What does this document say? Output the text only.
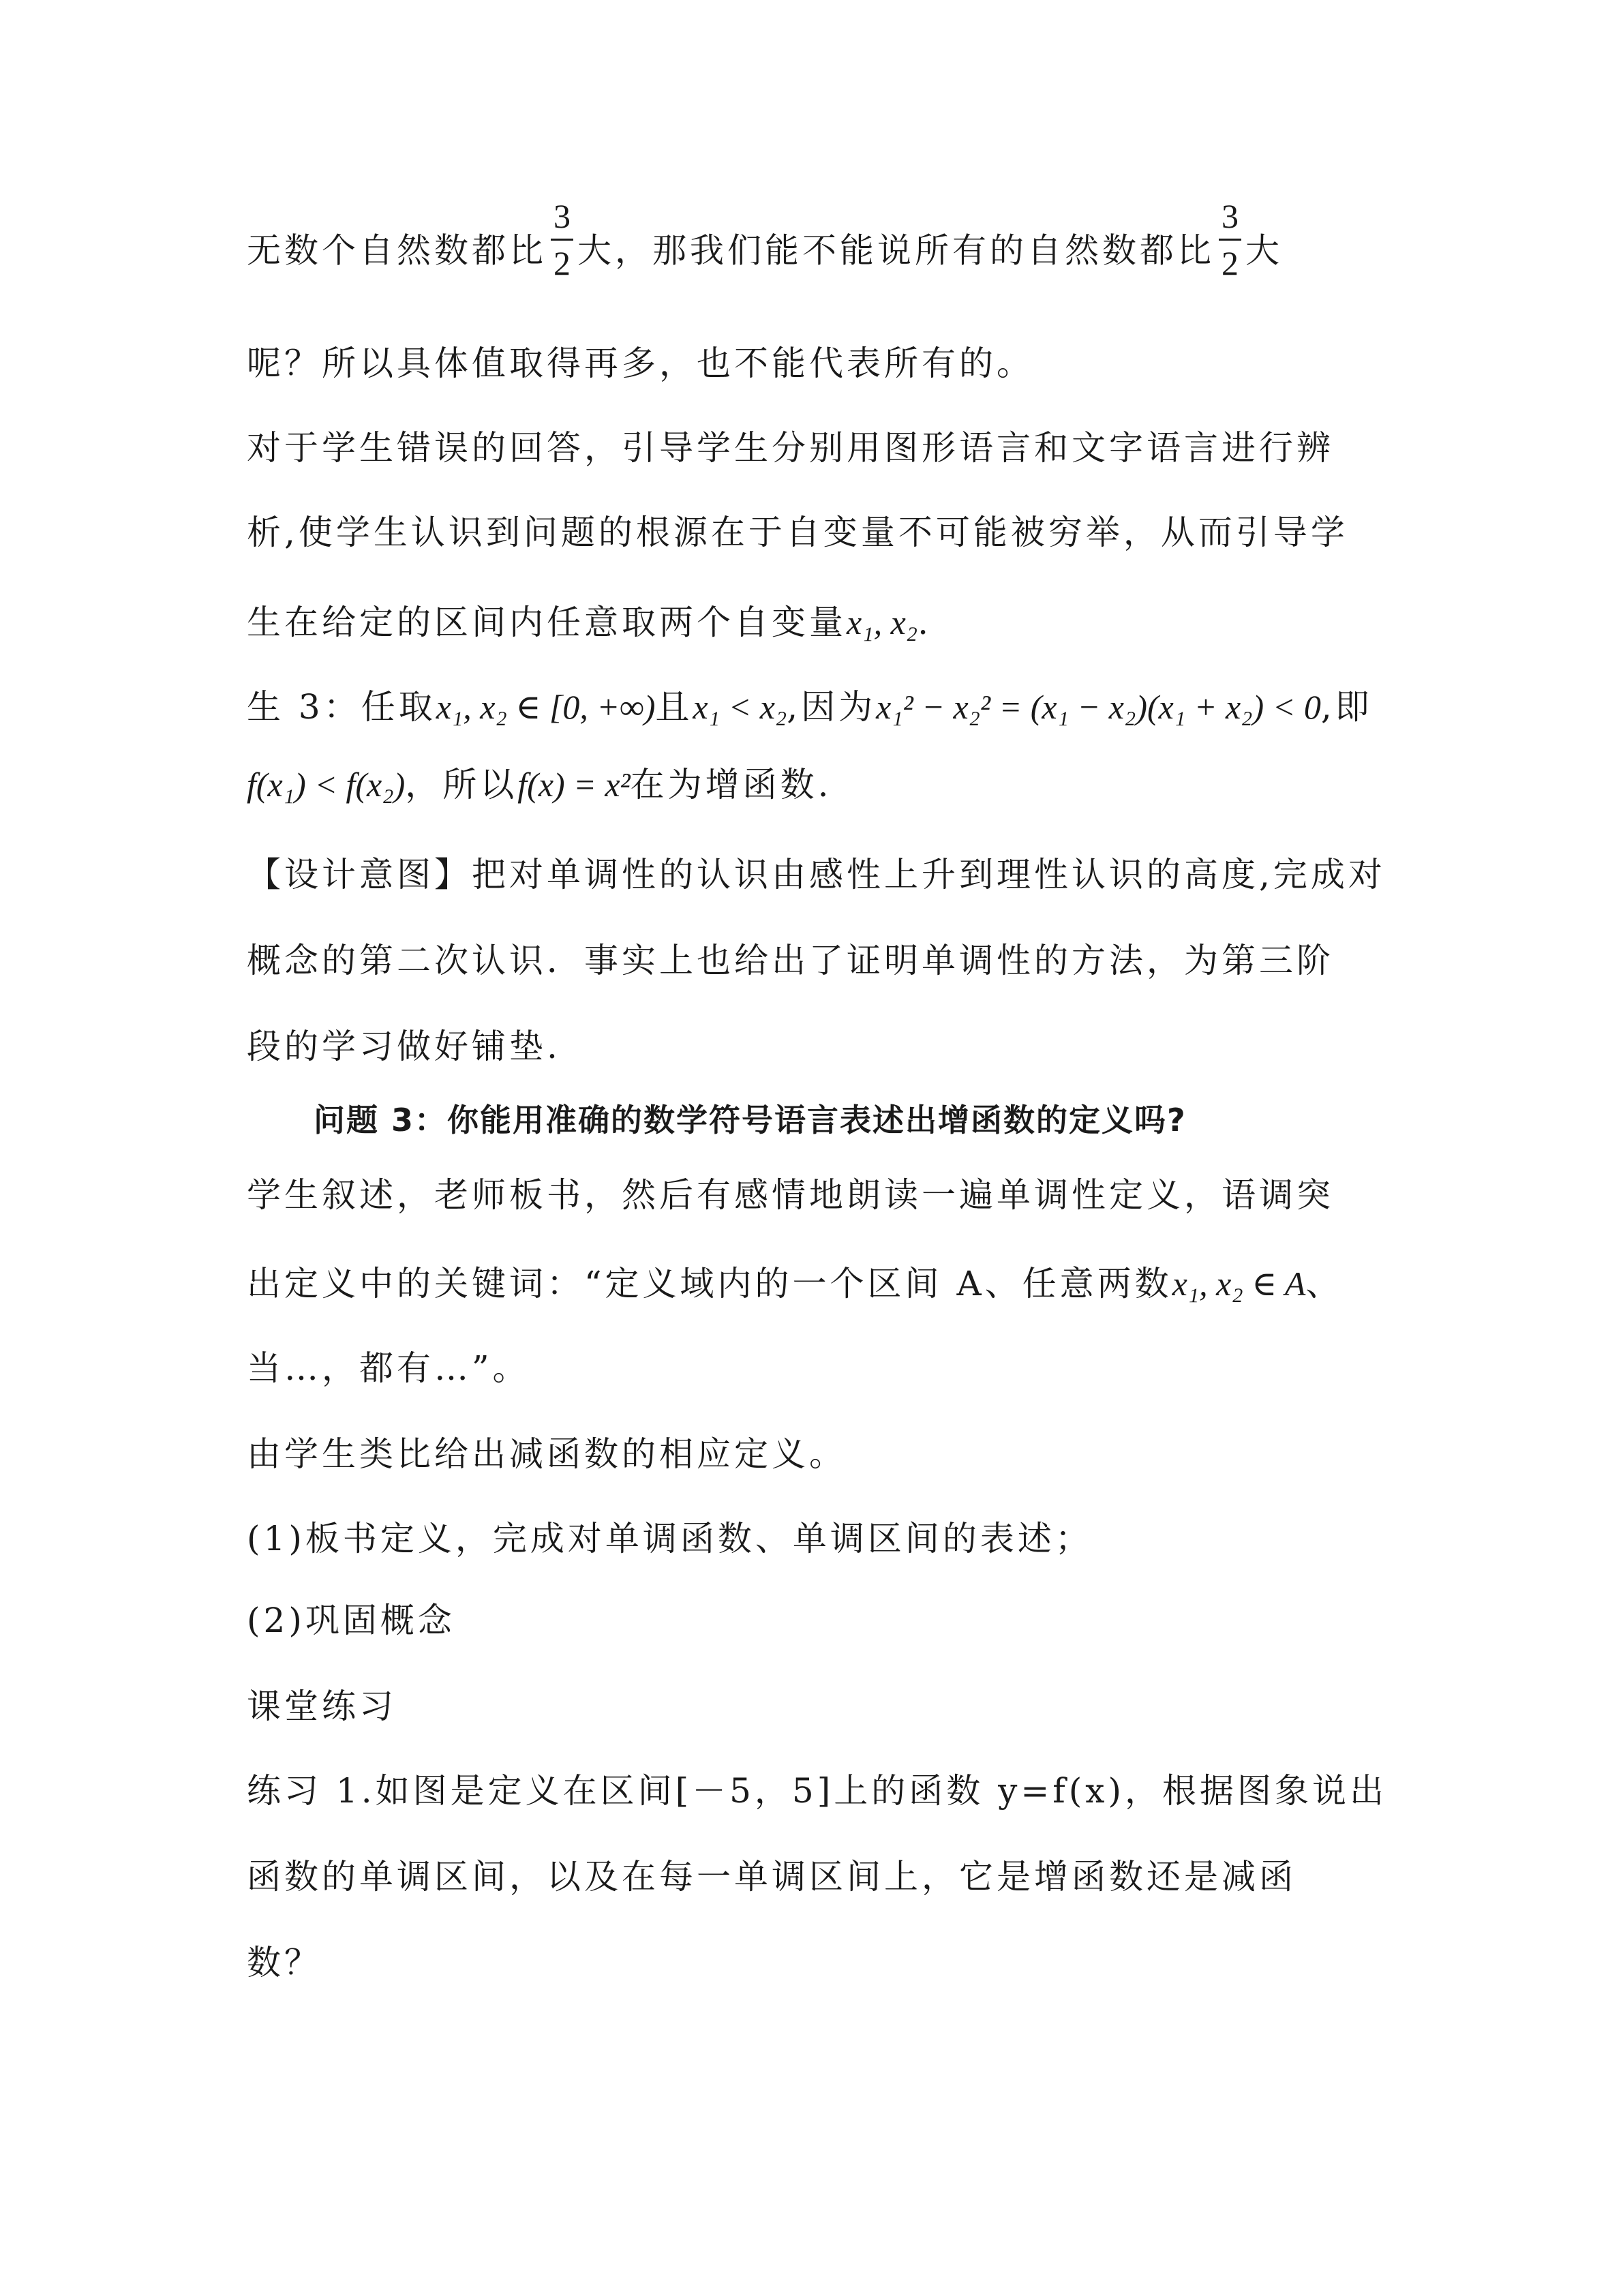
无数个自然数都比 $\frac{3}{2}$ 大，那我们能不能说所有的自然数都比 $\frac{3}{2}$ 大
呢？所以具体值取得再多，也不能代表所有的。
对于学生错误的回答，引导学生分别用图形语言和文字语言进行辨
析,使学生认识到问题的根源在于自变量不可能被穷举，从而引导学
生在给定的区间内任意取两个自变量x₁, x₂.
生 3：任取x₁, x₂ ∈ [0, +∞)且x₁ < x₂,因为x₁² − x₂² = (x₁ − x₂)(x₁ + x₂) < 0,即
f(x₁) < f(x₂)，所以f(x) = x²在为增函数.
【设计意图】把对单调性的认识由感性上升到理性认识的高度,完成对
概念的第二次认识．事实上也给出了证明单调性的方法，为第三阶
段的学习做好铺垫.
问题 3：你能用准确的数学符号语言表述出增函数的定义吗?
学生叙述，老师板书，然后有感情地朗读一遍单调性定义，语调突
出定义中的关键词：“定义域内的一个区间 A、任意两数x₁, x₂ ∈ A、
当…，都有…”。
由学生类比给出减函数的相应定义。
(1)板书定义，完成对单调函数、单调区间的表述；
(2)巩固概念
课堂练习
练习 1.如图是定义在区间[－5，5]上的函数 y=f(x)，根据图象说出
函数的单调区间，以及在每一单调区间上，它是增函数还是减函
数？
